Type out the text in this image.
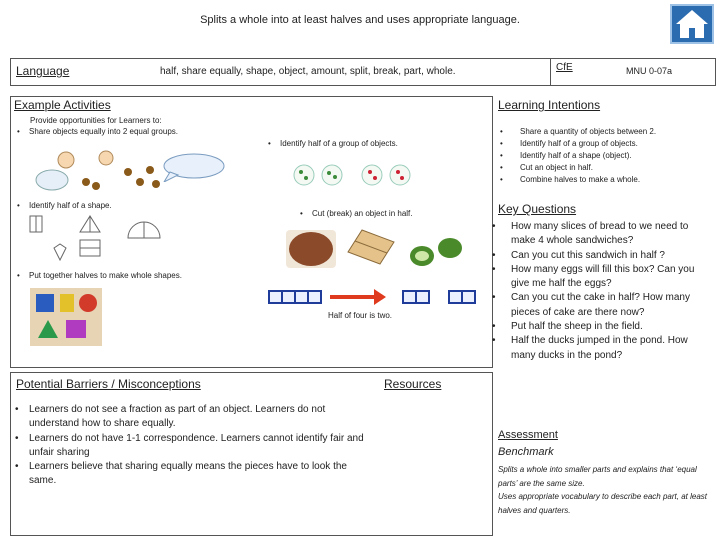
Splits a whole into at least halves and uses appropriate language.
Language	half, share equally, shape, object, amount, split, break, part, whole.	CfE	MNU 0-07a
Example Activities
Provide opportunities for Learners to:
• Share objects equally into 2 equal groups.
• Identify half of a group of objects.
• Identify half of a shape.
• Cut (break) an object in half.
• Put together halves to make whole shapes.
Half of four is two.
Learning Intentions
• Share a quantity of objects between 2.
• Identify half of a group of objects.
• Identify half of a shape (object).
• Cut an object in half.
• Combine halves to make a whole.
Key Questions
• How many slices of bread to we need to make 4 whole sandwiches?
• Can you cut this sandwich in half ?
• How many eggs will fill this box? Can you give me half the eggs?
• Can you cut the cake in half? How many pieces of cake are there now?
• Put half the sheep in the field.
• Half the ducks jumped in the pond. How many ducks in the pond?
Potential Barriers / Misconceptions
• Learners do not see a fraction as part of an object. Learners do not understand how to share equally.
• Learners do not have 1-1 correspondence. Learners cannot identify fair and unfair sharing
• Learners believe that sharing equally means the pieces have to look the same.
Resources
Assessment
Benchmark
Splits a whole into smaller parts and explains that ‘equal parts’ are the same size.
Uses appropriate vocabulary to describe each part, at least halves and quarters.
